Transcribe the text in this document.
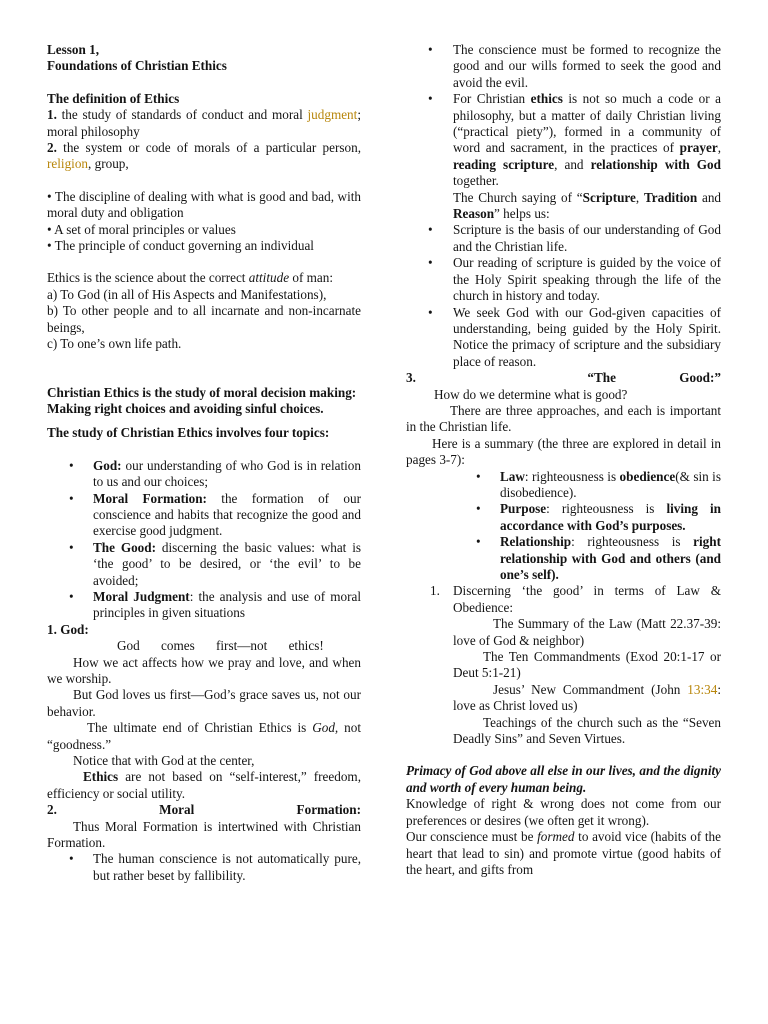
Lesson 1,

Foundations of Christian Ethics

The definition of Ethics

1. the study of standards of conduct and moral judgment; moral philosophy

2. the system or code of morals of a particular person, religion, group,

• The discipline of dealing with what is good and bad, with moral duty and obligation

• A set of moral principles or values

• The principle of conduct governing an individual

Ethics is the science about the correct attitude of man:

a) To God (in all of His Aspects and Manifestations),

b) To other people and to all incarnate and non-incarnate beings,

c) To one’s own life path.

Christian Ethics is the study of moral decision making:

Making right choices and avoiding sinful choices.

The study of Christian Ethics involves four topics:

• God: our understanding of who God is in relation to us and our choices;
• Moral Formation: the formation of our conscience and habits that recognize the good and exercise good judgment.
• The Good: discerning the basic values: what is ‘the good’ to be desired, or ‘the evil’ to be avoided;
• Moral Judgment: the analysis and use of moral principles in given situations

1. God:

God comes first—not ethics!

How we act affects how we pray and love, and when we worship.

But God loves us first—God’s grace saves us, not our behavior.

The ultimate end of Christian Ethics is God, not “goodness.”

Notice that with God at the center,

Ethics are not based on “self-interest,” freedom, efficiency or social utility.

2. Moral Formation:

Thus Moral Formation is intertwined with Christian Formation.

• The human conscience is not automatically pure, but rather beset by fallibility.
• The conscience must be formed to recognize the good and our wills formed to seek the good and avoid the evil.
• For Christian ethics is not so much a code or a philosophy, but a matter of daily Christian living (“practical piety”), formed in a community of word and sacrament, in the practices of prayer, reading scripture, and relationship with God together.

The Church saying of “Scripture, Tradition and Reason” helps us:

• Scripture is the basis of our understanding of God and the Christian life.
• Our reading of scripture is guided by the voice of the Holy Spirit speaking through the life of the church in history and today.
• We seek God with our God-given capacities of understanding, being guided by the Holy Spirit. Notice the primacy of scripture and the subsidiary place of reason.

3.	“The Good:”

How do we determine what is good?

There are three approaches, and each is important in the Christian life.

Here is a summary (the three are explored in detail in pages 3-7):

• Law: righteousness is obedience(& sin is disobedience).
• Purpose: righteousness is living in accordance with God’s purposes.
• Relationship: righteousness is right relationship with God and others (and one’s self).

1. Discerning ‘the good’ in terms of Law & Obedience:

The Summary of the Law (Matt 22.37-39: love of God & neighbor)

The Ten Commandments (Exod 20:1-17 or Deut 5:1-21)

Jesus’ New Commandment (John 13:34: love as Christ loved us)

Teachings of the church such as the “Seven Deadly Sins” and Seven Virtues.

Primacy of God above all else in our lives, and the dignity and worth of every human being.

Knowledge of right & wrong does not come from our preferences or desires (we often get it wrong).

Our conscience must be formed to avoid vice (habits of the heart that lead to sin) and promote virtue (good habits of the heart, and gifts from
